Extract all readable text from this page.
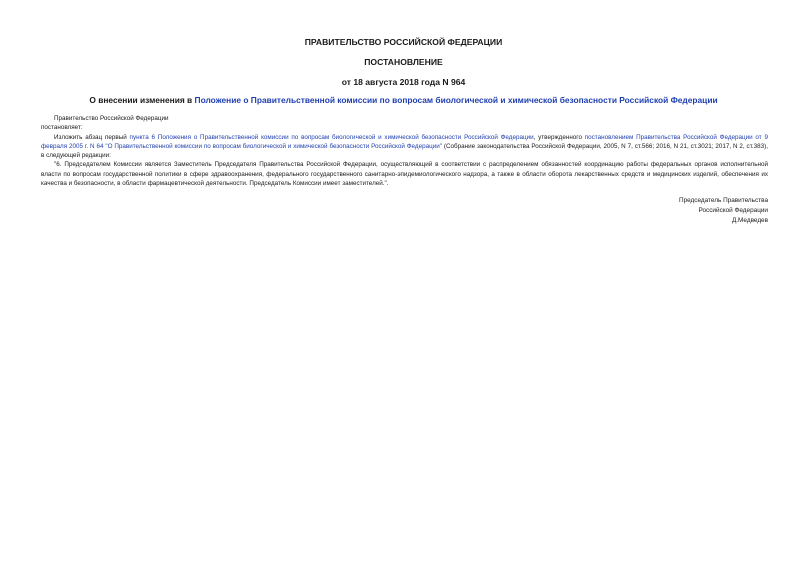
ПРАВИТЕЛЬСТВО РОССИЙСКОЙ ФЕДЕРАЦИИ
ПОСТАНОВЛЕНИЕ
от 18 августа 2018 года N 964
О внесении изменения в Положение о Правительственной комиссии по вопросам биологической и химической безопасности Российской Федерации

Правительство Российской Федерации

постановляет:

Изложить абзац первый пункта 6 Положения о Правительственной комиссии по вопросам биологической и химической безопасности Российской Федерации, утвержденного постановлением Правительства Российской Федерации от 9 февраля 2005 г. N 64 "О Правительственной комиссии по вопросам биологической и химической безопасности Российской Федерации" (Собрание законодательства Российской Федерации, 2005, N 7, ст.566; 2016, N 21, ст.3021; 2017, N 2, ст.383), в следующей редакции:

"6. Председателем Комиссии является Заместитель Председателя Правительства Российской Федерации, осуществляющий в соответствии с распределением обязанностей координацию работы федеральных органов исполнительной власти по вопросам государственной политики в сфере здравоохранения, федерального государственного санитарно-эпидемиологического надзора, а также в области оборота лекарственных средств и медицинских изделий, обеспечения их качества и безопасности, в области фармацевтической деятельности. Председатель Комиссии имеет заместителей.".

Председатель Правительства
Российской Федерации
Д.Медведев
